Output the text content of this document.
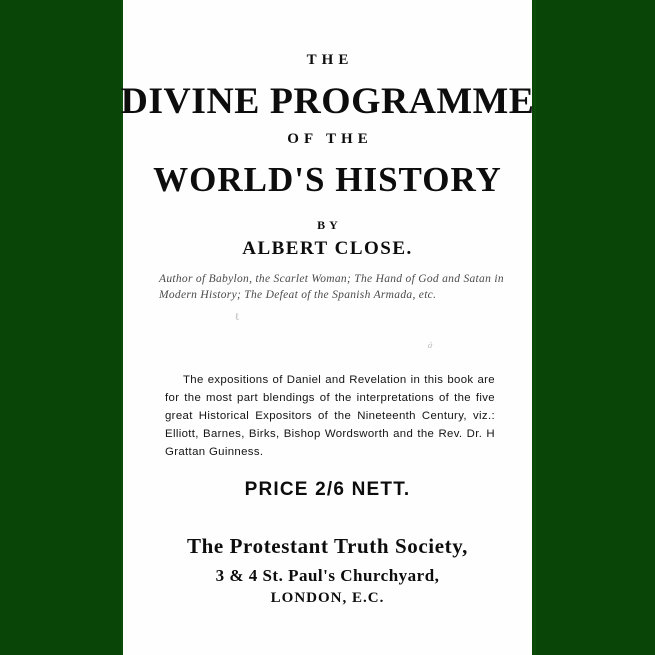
THE
DIVINE PROGRAMME
OF THE
WORLD'S HISTORY
BY
ALBERT CLOSE.
Author of Babylon, the Scarlet Woman; The Hand of God and Satan in Modern History; The Defeat of the Spanish Armada, etc.
ℓ
à
The expositions of Daniel and Revelation in this book are for the most part blendings of the interpretations of the five great Historical Expositors of the Nineteenth Century, viz.: Elliott, Barnes, Birks, Bishop Wordsworth and the Rev. Dr. H Grattan Guinness.
PRICE 2/6 NETT.
The Protestant Truth Society,
3 & 4 St. Paul's Churchyard,
LONDON, E.C.
